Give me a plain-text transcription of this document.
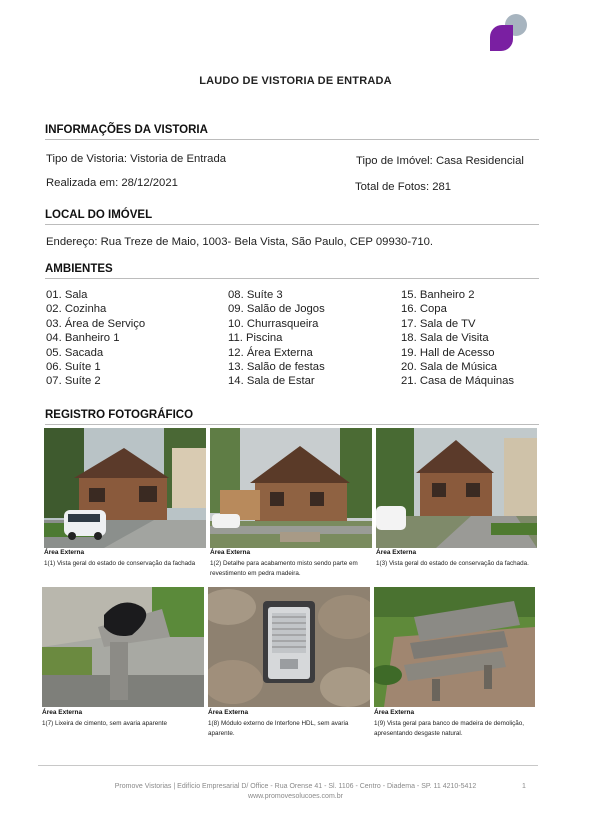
LAUDO DE VISTORIA DE ENTRADA
INFORMAÇÕES DA VISTORIA
Tipo de Vistoria: Vistoria de Entrada	Tipo de Imóvel: Casa Residencial
Realizada em: 28/12/2021	Total de Fotos: 281
LOCAL DO IMÓVEL
Endereço: Rua Treze de Maio, 1003- Bela Vista, São Paulo, CEP 09930-710.
AMBIENTES
01. Sala
02. Cozinha
03. Área de Serviço
04. Banheiro 1
05. Sacada
06. Suíte 1
07. Suíte 2
08. Suíte 3
09. Salão de Jogos
10. Churrasqueira
11. Piscina
12. Área Externa
13. Salão de festas
14. Sala de Estar
15. Banheiro 2
16. Copa
17. Sala de TV
18. Sala de Visita
19. Hall de Acesso
20. Sala de Música
21. Casa de Máquinas
REGISTRO FOTOGRÁFICO
Área Externa
1(1) Vista geral do estado de conservação da fachada
Área Externa
1(2) Detalhe para acabamento misto sendo parte em revestimento em pedra madeira.
Área Externa
1(3) Vista geral do estado de conservação da fachada.
Área Externa
1(7) Lixeira de cimento, sem avaria aparente
Área Externa
1(8) Módulo externo de Interfone HDL, sem avaria aparente.
Área Externa
1(9) Vista geral para banco de madeira de demolição, apresentando desgaste natural.
Promove Vistorias | Edifício Empresarial D/ Office - Rua Orense 41 - Sl. 1106 - Centro - Diadema - SP. 11 4210-5412
www.promovesolucoes.com.br
1
